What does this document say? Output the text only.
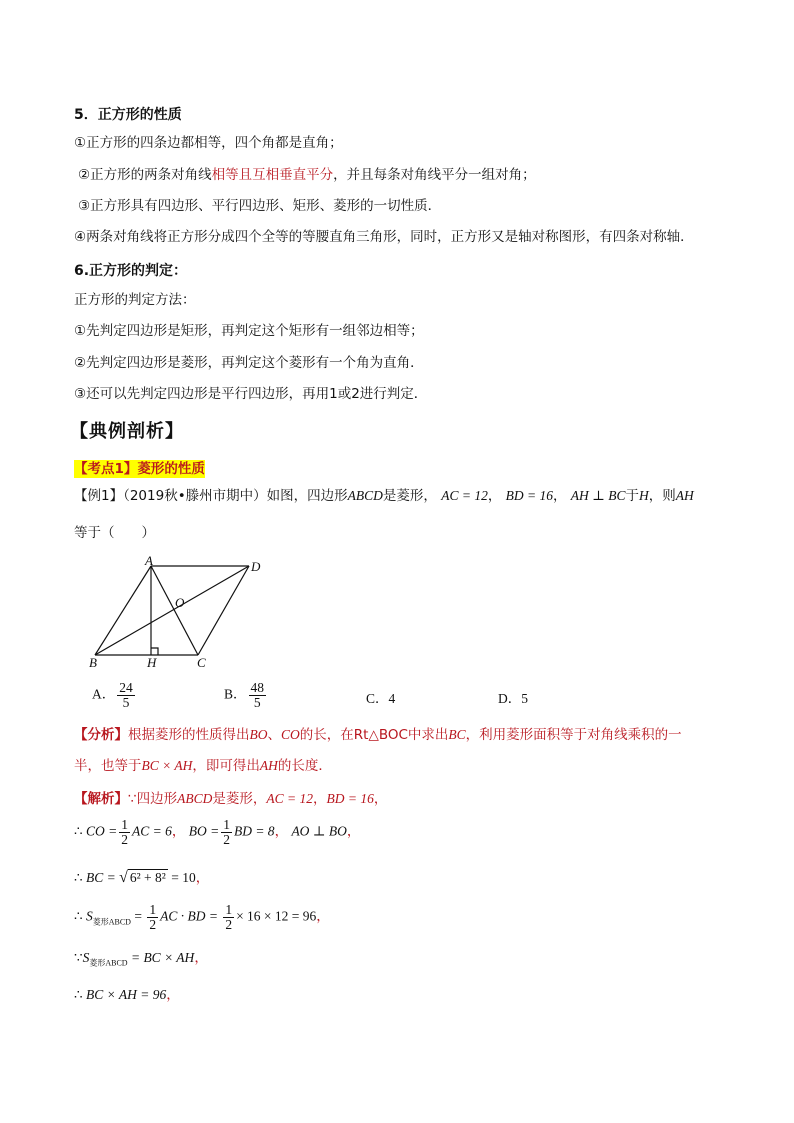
5．正方形的性质
①正方形的四条边都相等，四个角都是直角；
②正方形的两条对角线相等且互相垂直平分，并且每条对角线平分一组对角；
③正方形具有四边形、平行四边形、矩形、菱形的一切性质．
④两条对角线将正方形分成四个全等的等腰直角三角形，同时，正方形又是轴对称图形，有四条对称轴．
6.正方形的判定：
正方形的判定方法：
①先判定四边形是矩形，再判定这个矩形有一组邻边相等；
②先判定四边形是菱形，再判定这个菱形有一个角为直角．
③还可以先判定四边形是平行四边形，再用1或2进行判定．
【典例剖析】
【考点1】菱形的性质
【例1】（2019秋•滕州市期中）如图，四边形ABCD是菱形， AC = 12， BD = 16， AH ⊥ BC于H，则AH
等于（　　）
A	D
O
B	H	C
A． $\frac{24}{5}$	B． $\frac{48}{5}$	C．4	D．5
【分析】根据菱形的性质得出BO、CO的长，在Rt△BOC中求出BC，利用菱形面积等于对角线乘积的一
半，也等于BC × AH，即可得出AH的长度．
【解析】∵四边形ABCD是菱形，AC = 12，BD = 16，
∴ CO = $\frac{1}{2}$ AC = 6， BO = $\frac{1}{2}$ BD = 8， AO ⊥ BO，
∴ BC = √ 6² + 8² = 10，
∴ $S_{菱形ABCD} = \frac{1}{2}$ AC · BD = $\frac{1}{2} \times 16 \times 12 = 96$，
$\because S_{菱形ABCD}$ = BC × AH，
∴ BC × AH = 96，
